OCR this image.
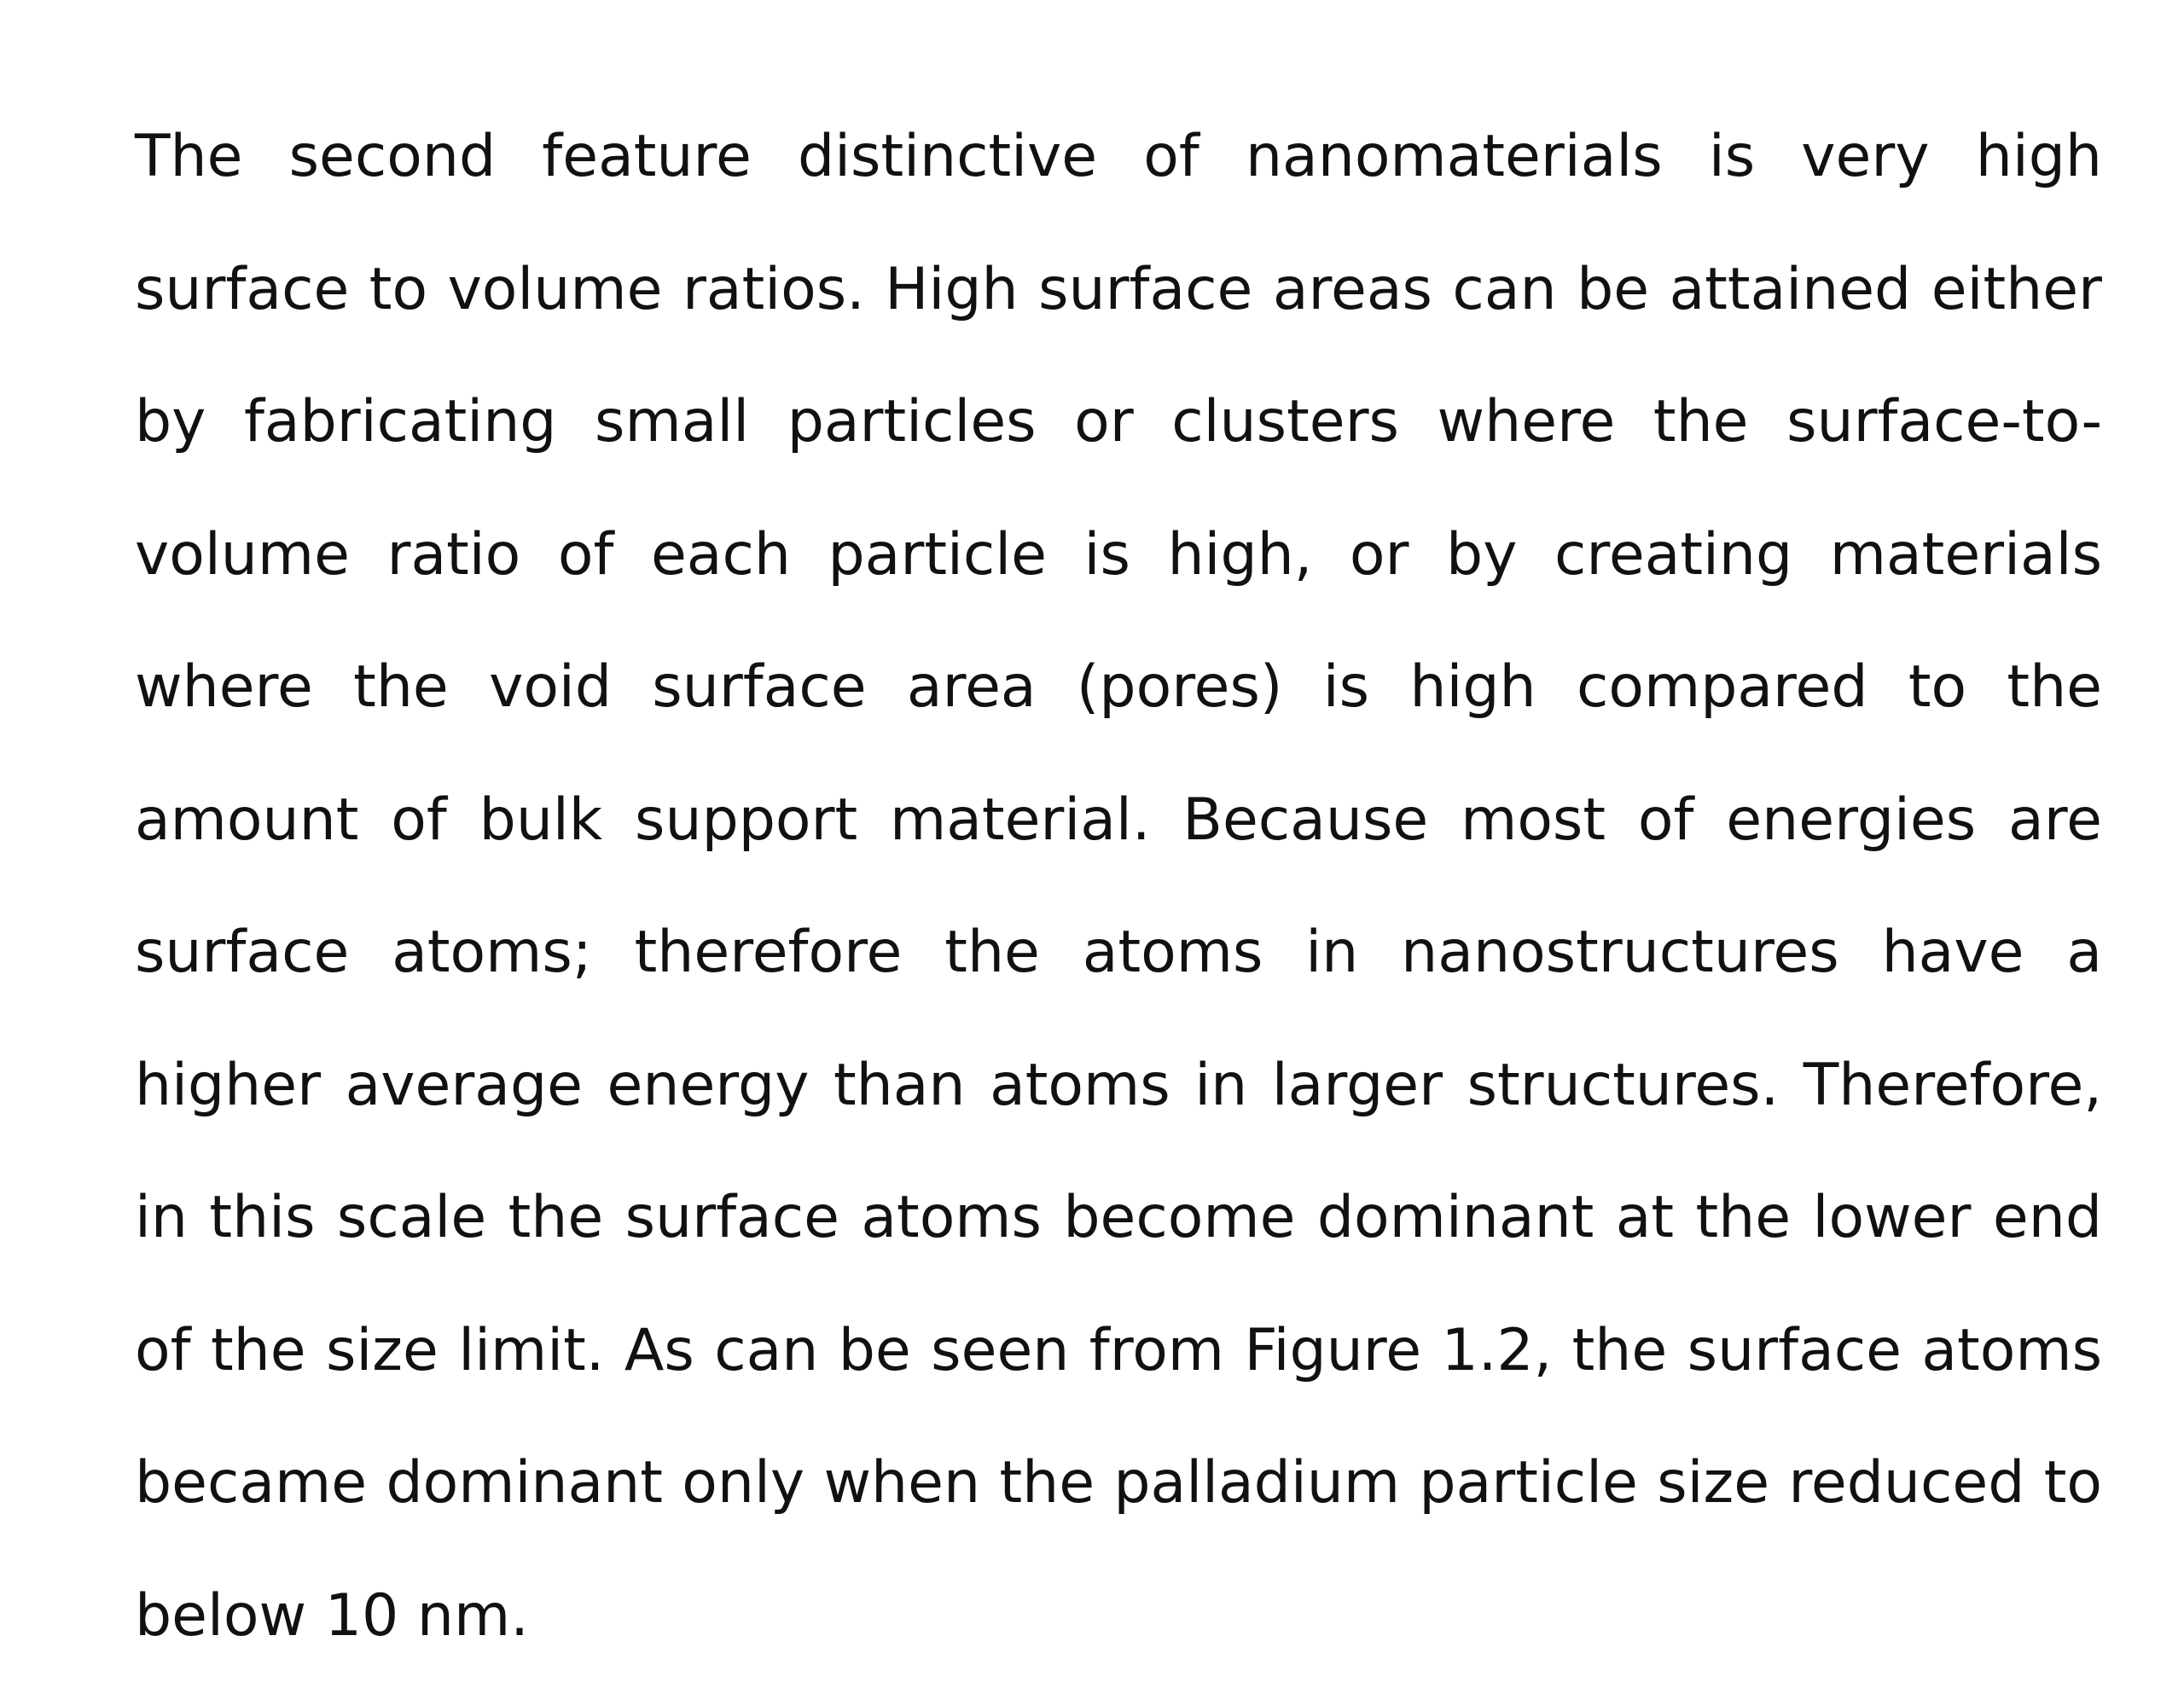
The second feature distinctive of nanomaterials is very high surface to volume ratios. High surface areas can be attained either by fabricating small particles or clusters where the surface-to-volume ratio of each particle is high, or by creating materials where the void surface area (pores) is high compared to the amount of bulk support material. Because most of energies are surface atoms; therefore the atoms in nanostructures have a higher average energy than atoms in larger structures. Therefore, in this scale the surface atoms become dominant at the lower end of the size limit. As can be seen from Figure 1.2, the surface atoms became dominant only when the palladium particle size reduced to below 10 nm.
